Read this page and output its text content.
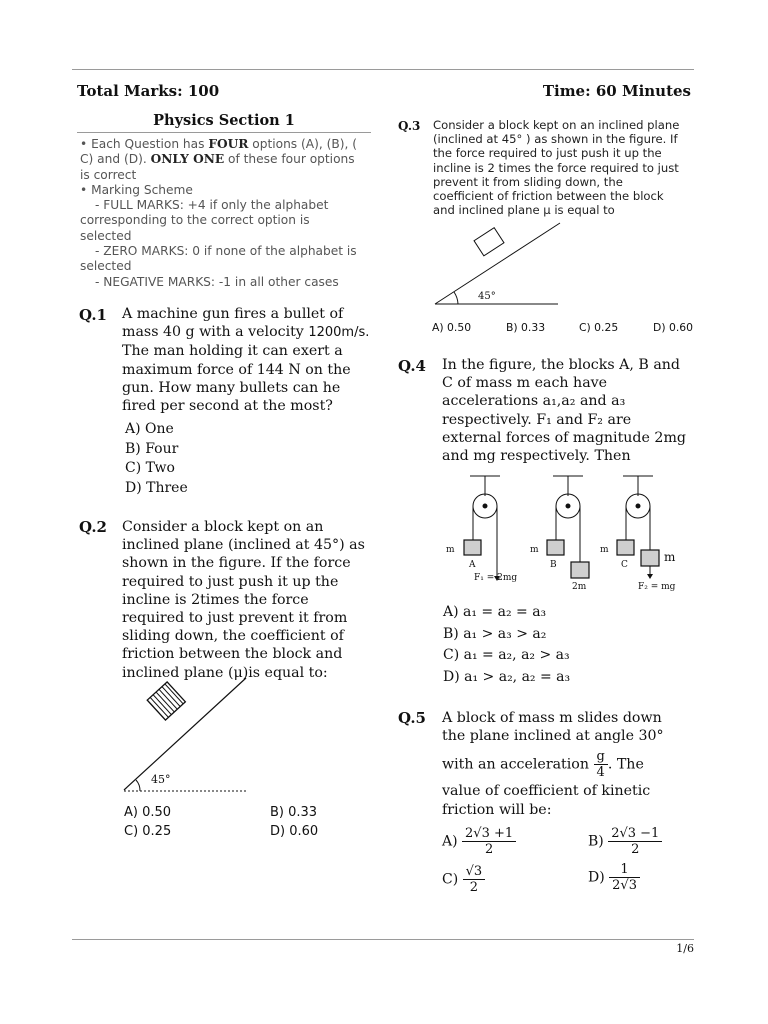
Total Marks: 100	Time: 60 Minutes
Physics Section 1
• Each Question has FOUR options (A), (B), (
C) and (D). ONLY ONE of these four options
is correct
• Marking Scheme
- FULL MARKS: +4 if only the alphabet
corresponding to the correct option is
selected
- ZERO MARKS: 0 if none of the alphabet is
selected
- NEGATIVE MARKS: -1 in all other cases
Q.1 A machine gun fires a bullet of
mass 40 g with a velocity 1200m/s.
The man holding it can exert a
maximum force of 144 N on the
gun. How many bullets can he
fired per second at the most?
A) One
B) Four
C) Two
D) Three
Q.2 Consider a block kept on an
inclined plane (inclined at 45°) as
shown in the figure. If the force
required to just push it up the
incline is 2times the force
required to just prevent it from
sliding down, the coefficient of
friction between the block and
inclined plane (μ)is equal to:
45°
A) 0.50	B) 0.33
C) 0.25	D) 0.60
Q.3 Consider a block kept on an inclined plane
(inclined at 45° ) as shown in the figure. If
the force required to just push it up the
incline is 2 times the force required to just
prevent it from sliding down, the
coefficient of friction between the block
and inclined plane μ is equal to
45°
A) 0.50	B) 0.33	C) 0.25	D) 0.60
Q.4 In the figure, the blocks A, B and
C of mass m each have
accelerations a₁,a₂ and a₃
respectively. F₁ and F₂ are
external forces of magnitude 2mg
and mg respectively. Then
m
A
m
B
m
C
2m
m
F₁ = 2mg
F₂ = mg
A) a₁ = a₂ = a₃
B) a₁ > a₃ > a₂
C) a₁ = a₂, a₂ > a₃
D) a₁ > a₂, a₂ = a₃
Q.5 A block of mass m slides down
the plane inclined at angle 30°
with an acceleration $\frac{g}{4}$ . The
value of coefficient of kinetic
friction will be:
$A) \frac{2√3 +1}{2}$	$B) \frac{2√3 -1}{2}$
$C) \frac{√3}{2}$	$D) \frac{1}{2√3}$
1/6
